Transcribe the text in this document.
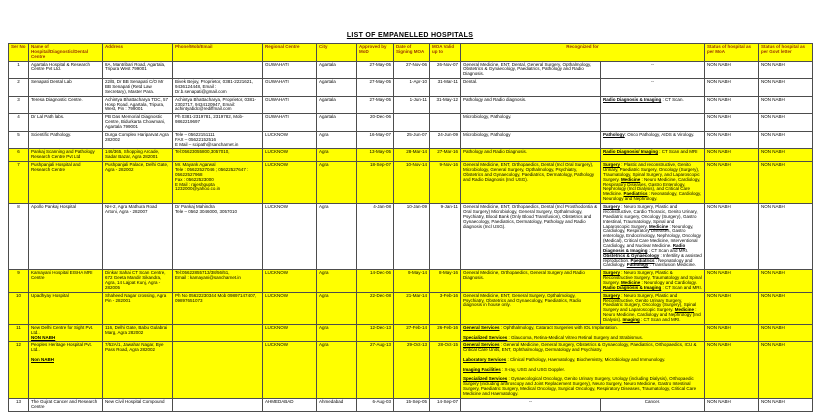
LIST OF EMPANELLED HOSPITALS
Ser No	Name of Hospital/Diagnostic/Dental Centre	Address	Phone/Mob/Email	Regional Centre	City	Approved by MoD	Date of Signing MOA	MOA Valid up to	Recognized for		Status of hospital as per MoA	Status of hospital as per Govt letter
1	Agartala Hospital & Research Centre Pvt Ltd.	8A, Mantribari Road, Agartala, Tripura West 799001		GUWAHATI	Agartala	27-May-05	27-Nov-06	26-Nov-07	General Medicine, ENT, Dental, General Surgery, Opthalmology, Obstetrics & Gynaecology, Paediatrics, Pathology and Radio Diagnosis.	--	NON NABH	NON NABH
2	Senapati Dental Lab	22/B, Dr BB Senapati C/O Mr BB Senapati (Retd Law Secretary), Master Para.	Bivek Bejoy, Proprietor, 0381-2221621, 9436124448, Email : Dr.b.senapati@gmail.com	GUWAHATI	Agartala	27-May-05	1-Apr-10	31-Mar-11	Dental.	--	NON NABH	NON NABH
3	Teresa Diagnostic Centre.	Achintya Bhattacharya TDC, 57 Hosp Road, Agartala, Tripura, West, Pin : 799001	Achintya Bhattacharya, Proprietor, 0381-2302717, 9434120947, Email: achintyabdc@rediffmail.com	GUWAHATI	Agartala	27-May-05	1-Jun-11	31-May-12	Pathology and Radio diagnosis.	Radio Diagnosis & Imaging : CT Scan.	NON NABH	NON NABH
4	Dr Lal Path labs.	PB Das Memorial Diagnostic Centre, Bidurkarta Chowmani, Agartala 799001	Ph 0381-2319781, 2319782, Mob-9862219697	GUWAHATI	Agartala	20-Dec-06			Microbiology, Pathology.		NON NABH	NON NABH
5	Scientific Pathology.	Durga Complex Hariparvat Agra 282002	Tele – 05622151111
FAX – 05622152516
E Mail – scipath@sancharnet.in	LUCKNOW	Agra	16-May-07	25-Jun-07	24-Jun-09	Microbiology, Pathology	Pathology: Onco Pathology, AIDS & Virology.	NON NABH	NON NABH
6	Pankaj Scanning and Pathology Research Centre Pvt Ltd	146/365, Shopping Arcade, Sadar Bazar, Agra 282001	Tel:05623055800,3057010,	LUCKNOW	Agra	13-May-05	28-Mar-14	27-Mar-16	Pathology and Radio Diagnosis.	Radio Diagnosis/ Imaging : CT Scan and MRI	NON NABH	NON NABH
7	Pushpanjali Hospital and Research Centre	Pushpanjali Palace, Delhi Gate, Agra - 282002	Mr. Mayank Agarwal
Tele : 05622527046 ; 05622527647 : 05622527968
Fax : 05622523000
E Mail : rajeshgupta 1232000@yahoo.co.in	LUCKNOW	Agra	18-Sep-07	10-Nov-14	9-Nov-16	General Medicine, ENT, Orthopaedics, Dental (Incl Oral Surgery), Microbiology, General Surgery, Opthalmology, Psychiatry, Obstetrics and Gynaecology, Paediatrics, Dermatology, Pathology and Radio Diagnosis (Incl USG).	Surgery : Plastic and reconstructive, Genito Urinary, Paediatric Surgery, Oncology (Surgery), Traumatology, Spinal Surgery, and Laparoscopic Surgery. Medicine : Neuro Medicine, Cardiology, Respiratory Diseases, Gastro Enterology, Nephrology (Incl Dialysis), and Critical Care Medicine. Paediatrics : Neonatology, Cardiology, Neurology and Nephrology.	NON NABH	NON NABH
8	Apollo Pankaj Hospital	NH-2, Agra Mathura Road Artoni, Agra - 282007	Dr Pankaj Mahindra
Tele – 0562 3046000, 3057010	LUCKNOW	Agra	4-Jan-08	10-Jan-09	9-Jan-11	General Medicine, ENT, Orthopaedics, Dental (Incl Prosthodontia & Oral Surgery) Microbiology, General Surgery, Opthalmology, Psychiatry, Blood Bank (Only Blood Transfusion), Obstetrics and Gynaecology, Paediatrics, Dermatology, Pathology and Radio diagnosis (Incl USG).	Surgery : Neuro Surgery, Plastic and reconstructive, Cardio Thoracic, Genito Urinary, Paediatric surgery, Oncology (Surgery), Gastro Intestinal, Traumatology, Spinal and Laparoscopic Surgery. Medicine : Neurology, Cardiology, Respiratory Diseases, Gastro enterology, Endocrinology, Nephrology, Oncology (Medical), Critical Care Medicine, Interventional Cardiology, and Nuclear Medicine. Radio Diagnosis & Imaging : CT Scan and MRI. Obstetrics & Gynaecology : Infertility & assisted reproduction. Paediatrics : Neonatology and Cardiology. Pathology : Transfusion Medicine.	NON NABH	NON NABH
9	Kamayani Hospital EISHA MRI Centre	Dinkar Sahai CT Scan Centre, 672 Geeta Mandir Sikandra, Agra, 14 Lajpat Kunj, Agra - 282005	Tel:05622855713/38/56/51,
Email : kamayani@sancharnet.in	LUCKNOW	Agra	14-Dec-06	9-May-14	8-May-16	General Medicine, Orthopaedics, General Surgery and Radio Diagnosis.	Surgery : Neuro Surgery, Plastic & Reconstructive Surgery, Traumatology and Spinal Surgery. Medicine : Neurology and Cardiology. Radio Diagnosis & Imaging : CT Scan and MRI.	NON NABH	NON NABH
10	Upadhyay Hospital	Shaheed Nagar crossing, Agra Pin - 282001	Ph No 05622230344 Mob 09897147407, 09897651073	LUCKNOW	Agra	22-Dec-08	21-Mar-14	3-Feb-16	General Medicine, ENT, General Surgery, Opthalmology, Psychiatry, Obstetrics and Gynaecology, Paediatrics, Radio diagnosis in house only.	Surgery : Neuro Surgery, Plastic and Reconstructive, Genito Urinary Surgery, Paediatric Surgery, Oncology (Surgery), Spinal Surgery and Laparoscopic Surgery. Medicine : Neuro Medicine, Cardiology and Nephrology (Incl Dialysis). Imaging : CT Scan and MRI.	NON NABH	NON NABH
11	New Delhi Centre for Sight Pvt. Ltd..
NON NABH	116, Delhi Gate, Babu Gulabrai Marg, Agra 282002		LUCKNOW	Agra	12-Dec-13	27-Feb-14	26-Feb-16	General Services : Ophthalmology, Cataract Surgeries with IOL Implantation.

Specialized Services : Glaucoma, Retina-Medical Vitreo Retinal Surgery and Strabismus.		NON NABH	NON NABH
12	Peoples Heritage Hospital Pvt. Ltd..

Non NABH	7/52A/1, Jawahar Nagar, Bye Pass Road, Agra 282002		LUCKNOW	Agra	27-Aug-13	29-Oct-13	28-Oct-15	General Services : General Medicine, General Surgery, Obstetrics & Gynaecology, Paediatrics, Orthopaedics, ICU & Critical Care Units, ENT, Ophthalmology, Dermatology and Psychiatry.

Laboratory Services : Clinical Pathology, Haematology, Biochemistry, Microbiology and Immunology.

Imaging Facilities : X-ray, USG and USG Doppler.

Specialized Services : Gynaecological Oncology, Genito Urinary Surgery, Urology (including Dialysis), Orthopaedic Surgery (including arthroscopy and Joint Replacement Surgery), Neuro Surgery, Neuro Medicine, Gastro Intestinal Surgery, Paediatric Surgery, Medical Oncology, Surgical Oncology, Respiratory Diseases, Traumatology, Critical Care Medicine and Haematology.		NON NABH	NON NABH
13	The Gujrat Cancer and Research Centre	New Civil Hospital Compound		AHMEDABAD	Ahmedabad	6-Aug-03	15-Sep-05	14-Sep-07	--	Cancer.	NON NABH	NON NABH
